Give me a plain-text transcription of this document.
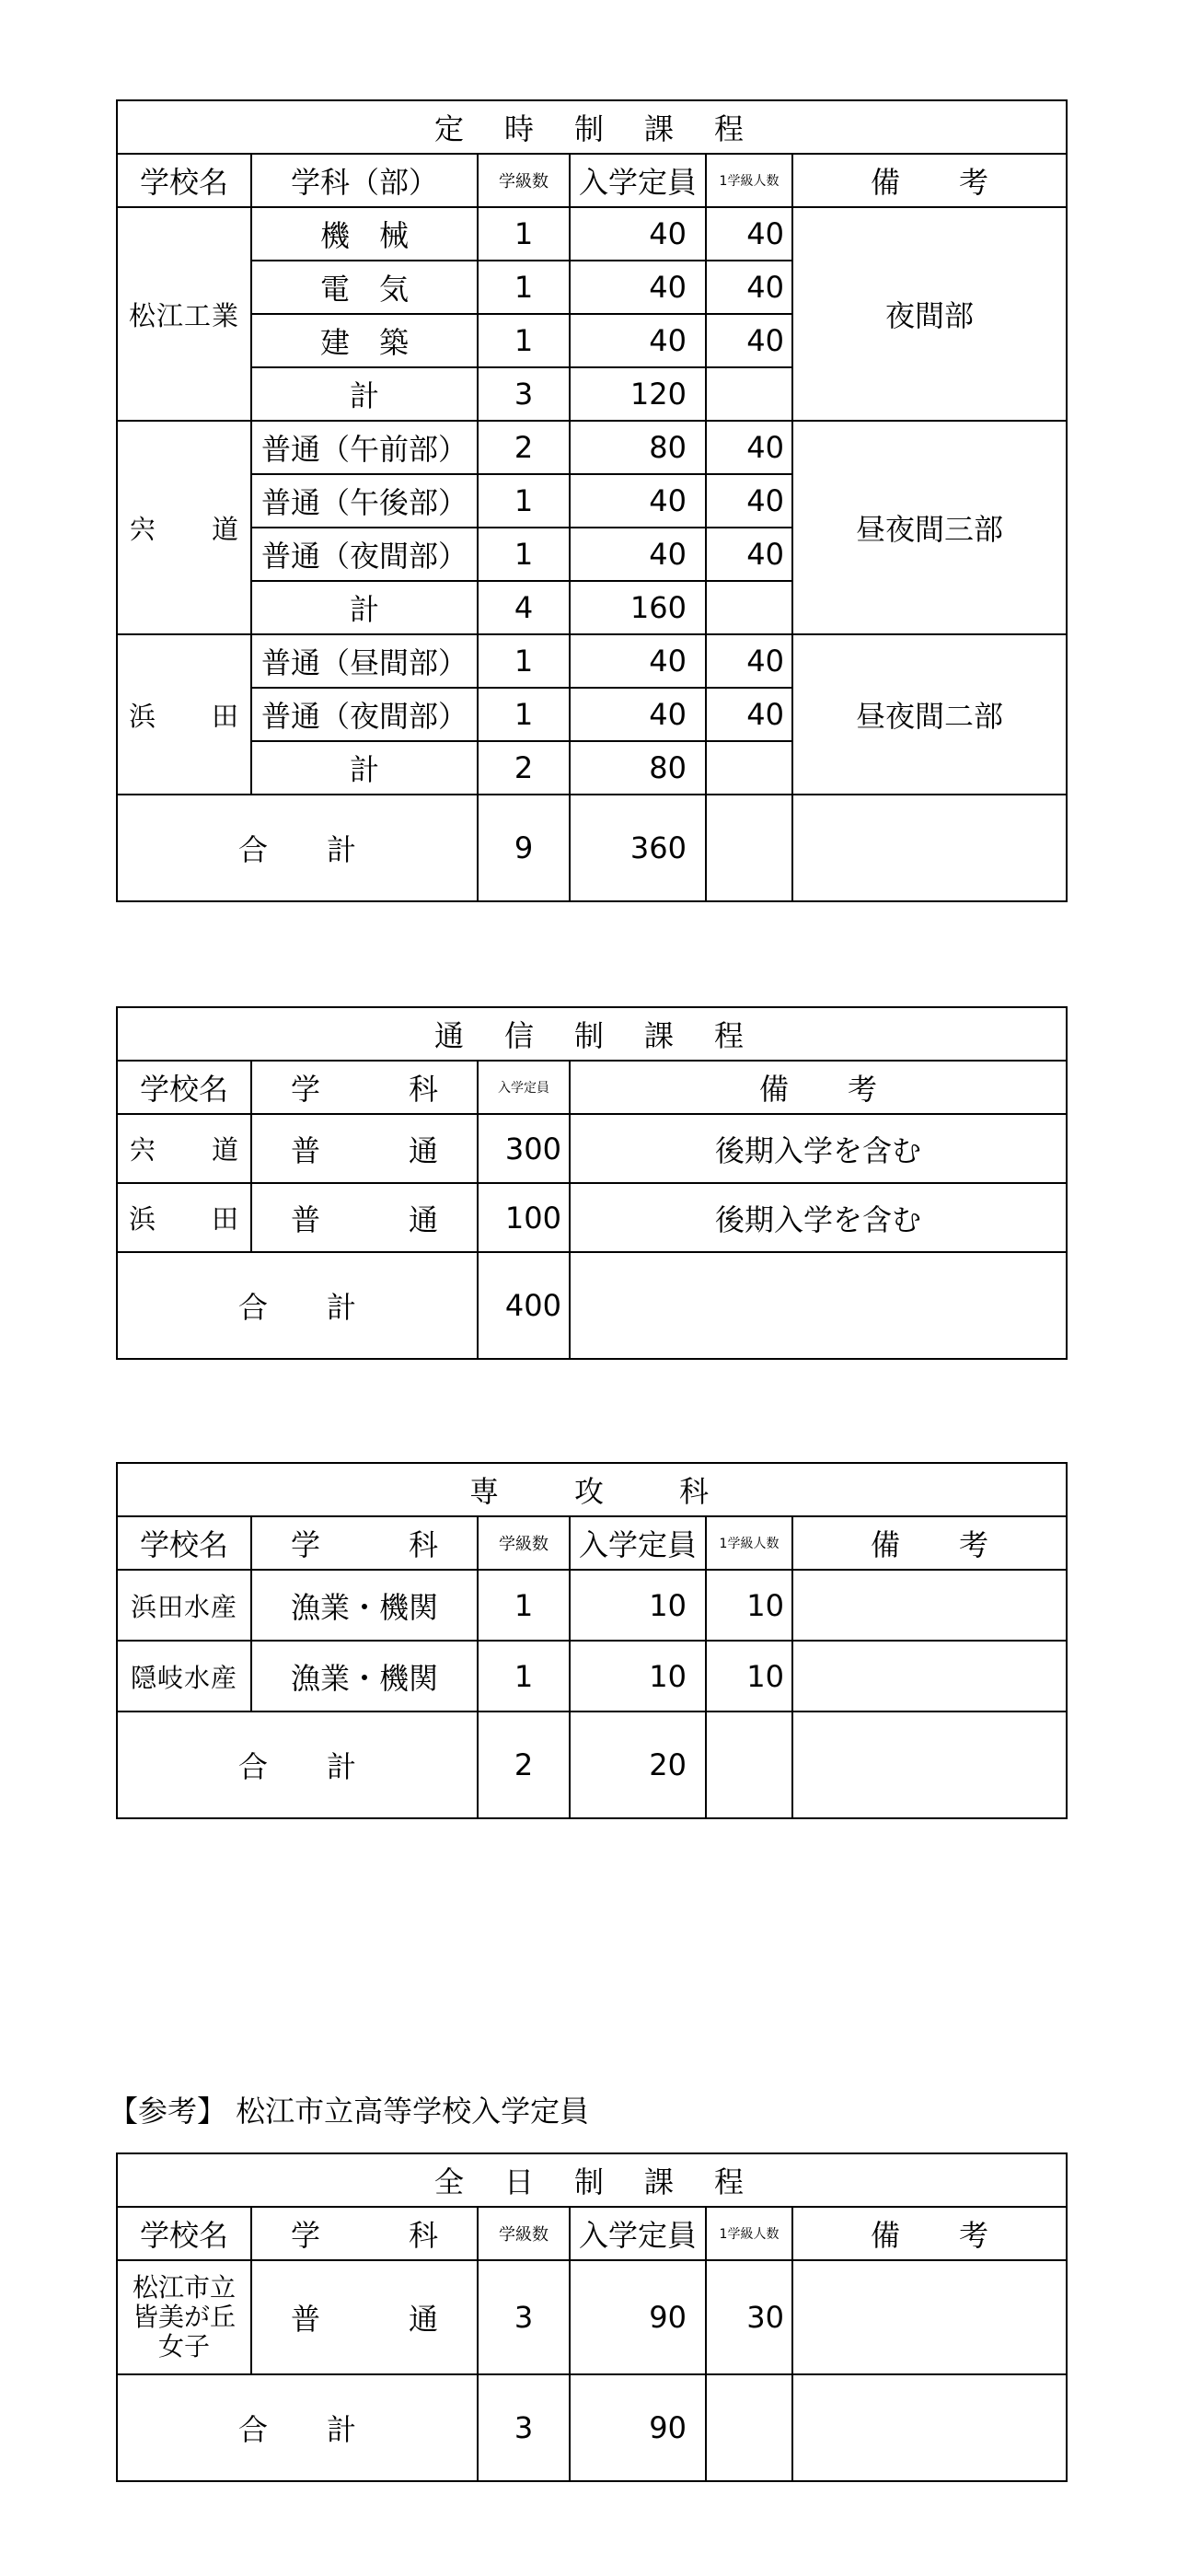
定　時　制　課　程					
学校名	学科（部）	学級数	入学定員	1学級人数	備　　考
松江工業	機　械	1	40	40	夜間部
	電　気	1	40	40	
	建　築	1	40	40	
	計	3	120		
宍　　道	普通（午前部）	2	80	40	昼夜間三部
	普通（午後部）	1	40	40	
	普通（夜間部）	1	40	40	
	計	4	160		
浜　　田	普通（昼間部）	1	40	40	昼夜間二部
	普通（夜間部）	1	40	40	
	計	2	80		
合　　計		9	360		
通　信　制　課　程			
学校名	学　　　科	入学定員	備　　考
宍　　道	普　　　通	300	後期入学を含む
浜　　田	普　　　通	100	後期入学を含む
合　　計		400	
専　　攻　　科					
学校名	学　　　科	学級数	入学定員	1学級人数	備　　考
浜田水産	漁業・機関	1	10	10	
隠岐水産	漁業・機関	1	10	10	
合　　計		2	20		
【参考】 松江市立高等学校入学定員
全　日　制　課　程					
学校名	学　　　科	学級数	入学定員	1学級人数	備　　考

松江市立皆美が丘女子	普　　　通	3	90	30	
合　　計		3	90		
